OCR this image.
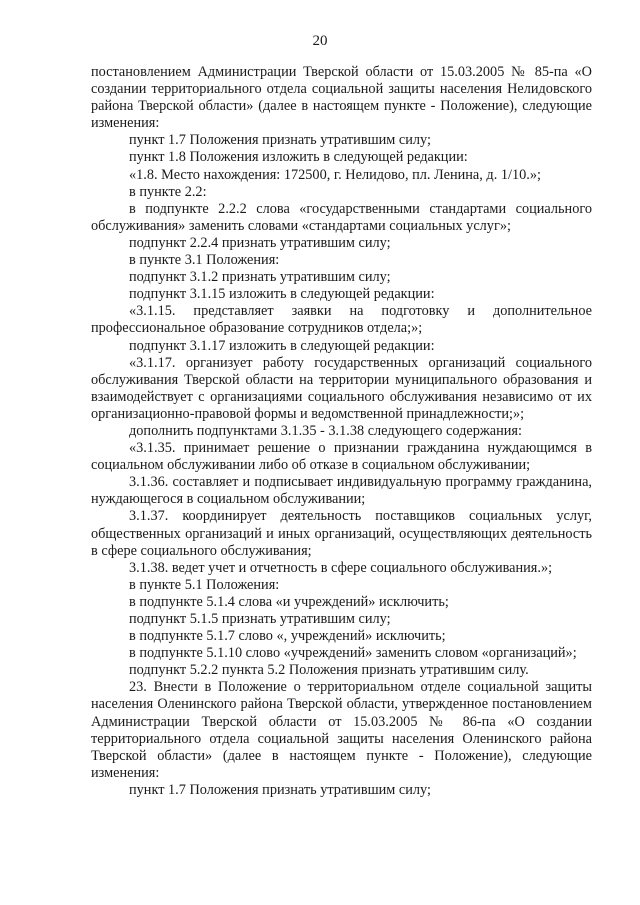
20

постановлением Администрации Тверской области от 15.03.2005 № 85-па «О создании территориального отдела социальной защиты населения Нелидовского района Тверской области» (далее в настоящем пункте - Положение), следующие изменения:

пункт 1.7 Положения признать утратившим силу;

пункт 1.8 Положения изложить в следующей редакции:

«1.8. Место нахождения: 172500, г. Нелидово, пл. Ленина, д. 1/10.»;

в пункте 2.2:

в подпункте 2.2.2 слова «государственными стандартами социального обслуживания» заменить словами «стандартами социальных услуг»;

подпункт 2.2.4 признать утратившим силу;

в пункте 3.1 Положения:

подпункт 3.1.2 признать утратившим силу;

подпункт 3.1.15 изложить в следующей редакции:

«3.1.15. представляет заявки на подготовку и дополнительное профессиональное образование сотрудников отдела;»;

подпункт 3.1.17 изложить в следующей редакции:

«3.1.17. организует работу государственных организаций социального обслуживания Тверской области на территории муниципального образования и взаимодействует с организациями социального обслуживания независимо от их организационно-правовой формы и ведомственной принадлежности;»;

дополнить подпунктами 3.1.35 - 3.1.38 следующего содержания:

«3.1.35. принимает решение о признании гражданина нуждающимся в социальном обслуживании либо об отказе в социальном обслуживании;

3.1.36. составляет и подписывает индивидуальную программу гражданина, нуждающегося в социальном обслуживании;

3.1.37. координирует деятельность поставщиков социальных услуг, общественных организаций и иных организаций, осуществляющих деятельность в сфере социального обслуживания;

3.1.38. ведет учет и отчетность в сфере социального обслуживания.»;

в пункте 5.1 Положения:

в подпункте 5.1.4 слова «и учреждений» исключить;

подпункт 5.1.5 признать утратившим силу;

в подпункте 5.1.7 слово «, учреждений» исключить;

в подпункте 5.1.10 слово «учреждений» заменить словом «организаций»;

подпункт 5.2.2 пункта 5.2 Положения признать утратившим силу.

23. Внести в Положение о территориальном отделе социальной защиты населения Оленинского района Тверской области, утвержденное постановлением Администрации Тверской области от 15.03.2005 № 86-па «О создании территориального отдела социальной защиты населения Оленинского района Тверской области» (далее в настоящем пункте - Положение), следующие изменения:

пункт 1.7 Положения признать утратившим силу;
